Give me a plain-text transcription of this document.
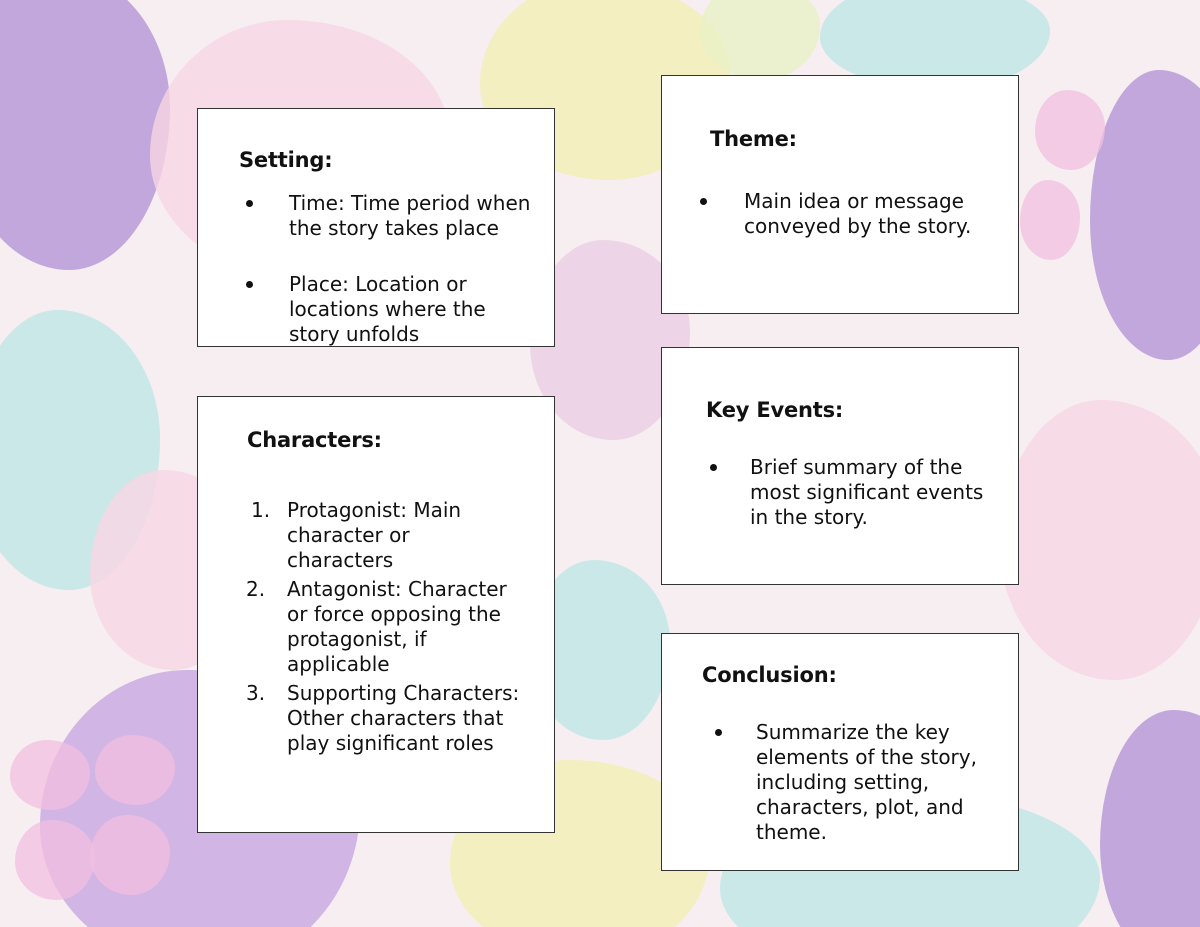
Setting:
Time: Time period when the story takes place
Place: Location or locations where the story unfolds
Theme:
Main idea or message conveyed by the story.
Characters:
1. Protagonist: Main character or characters
2. Antagonist: Character or force opposing the protagonist, if applicable
3. Supporting Characters: Other characters that play significant roles
Key Events:
Brief summary of the most significant events in the story.
Conclusion:
Summarize the key elements of the story, including setting, characters, plot, and theme.
